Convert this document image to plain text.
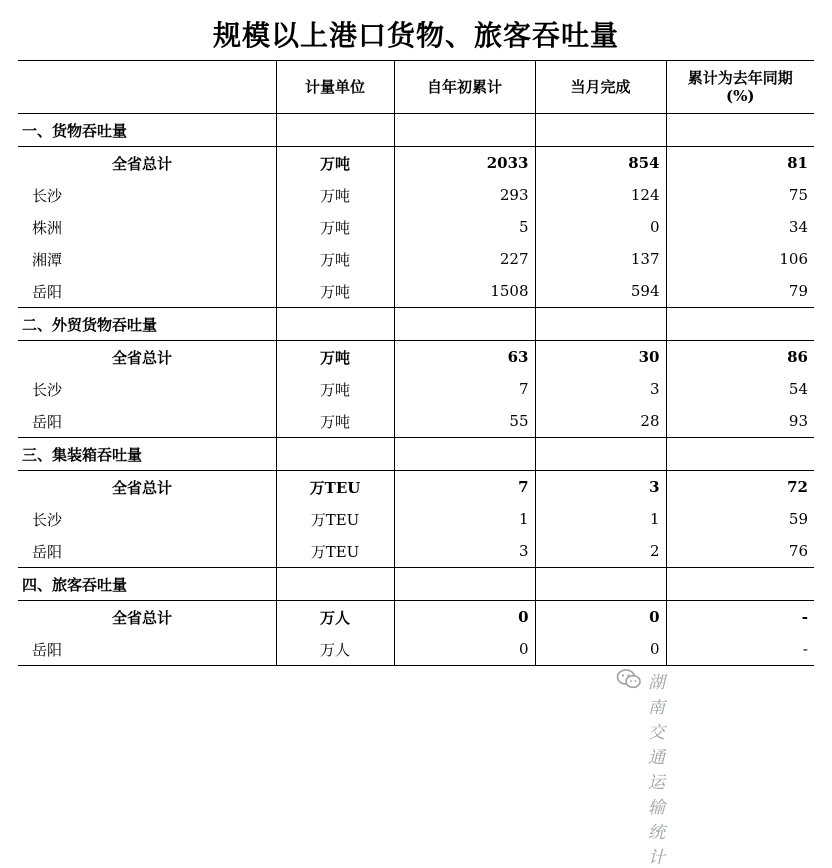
规模以上港口货物、旅客吞吐量
	计量单位	自年初累计	当月完成	累计为去年同期
(%)

一、货物吞吐量				
全省总计	万吨	2033	854	81
长沙	万吨	293	124	75
株洲	万吨	5	0	34
湘潭	万吨	227	137	106
岳阳	万吨	1508	594	79
二、外贸货物吞吐量				
全省总计	万吨	63	30	86
长沙	万吨	7	3	54
岳阳	万吨	55	28	93
三、集装箱吞吐量				
全省总计	万TEU	7	3	72
长沙	万TEU	1	1	59
岳阳	万TEU	3	2	76
四、旅客吞吐量				
全省总计	万人	0	0	-
岳阳	万人	0	0	-
湖南交通运输统计
